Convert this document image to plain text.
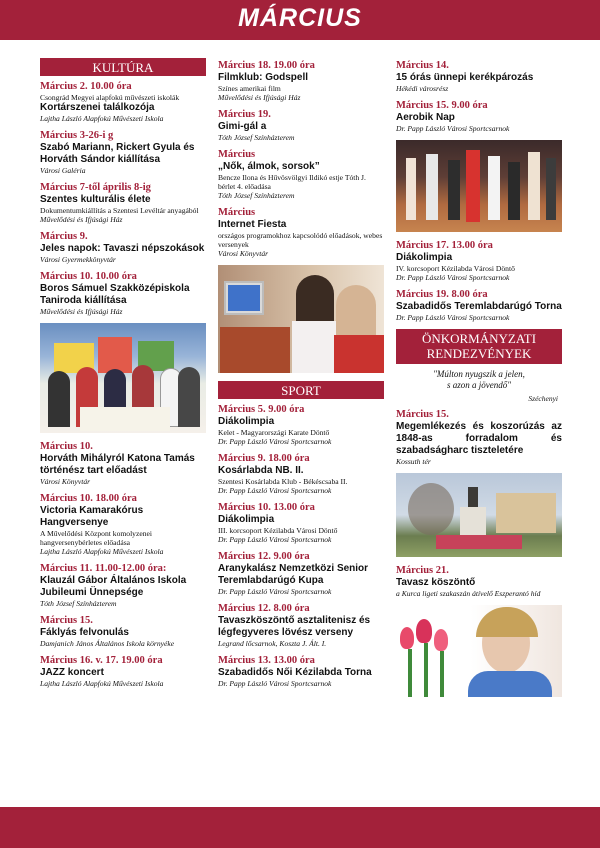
MÁRCIUS
KULTÚRA
Március 2. 10.00 óra
Csongrád Megyei alapfokú művészeti iskolák
Kortárszenei találkozója
Lajtha László Alapfokú Művészeti Iskola
Március 3-26-i g
Szabó Mariann, Rickert Gyula és Horváth Sándor kiállítása
Városi Galéria
Március 7-től április 8-ig
Szentes kulturális élete
Dokumentumkiállítás a Szentesi Levéltár anyagából
Művelődési és Ifjúsági Ház
Március 9.
Jeles napok: Tavaszi népszokások
Városi Gyermekkönyvtár
Március 10. 10.00 óra
Boros Sámuel Szakközépiskola Taniroda kiállítása
Művelődési és Ifjúsági Ház
Március 10.
Horváth Mihályról Katona Tamás történész tart előadást
Városi Könyvtár
Március 10. 18.00 óra
Victoria Kamarakórus Hangversenye
A Művelődési Központ komolyzenei hangversenybérletes előadása
Lajtha László Alapfokú Művészeti Iskola
Március 11. 11.00-12.00 óra:
Klauzál Gábor Általános Iskola Jubileumi Ünnepsége
Tóth József Színházterem
Március 15.
Fáklyás felvonulás
Damjanich János Általános Iskola környéke
Március 16. v. 17. 19.00 óra
JAZZ koncert
Lajtha László Alapfokú Művészeti Iskola
Március 18. 19.00 óra
Filmklub: Godspell
Színes amerikai film
Művelődési és Ifjúsági Ház
Március 19.
Gimi-gál a
Tóth József Színházterem
Március
„Nők, álmok, sorsok”
Bencze Ilona és Hűvösvölgyi Ildikó estje Tóth J. bérlet 4. előadása
Tóth József Színházterem
Március
Internet Fiesta
országos programokhoz kapcsolódó előadások, webes versenyek
Városi Könyvtár
SPORT
Március 5. 9.00 óra
Diákolimpia
Kelet - Magyarországi Karate Döntő
Dr. Papp László Városi Sportcsarnok
Március 9. 18.00 óra
Kosárlabda NB. II.
Szentesi Kosárlabda Klub - Békéscsaba II.
Dr. Papp László Városi Sportcsarnok
Március 10. 13.00 óra
Diákolimpia
III. korcsoport Kézilabda Városi Döntő
Dr. Papp László Városi Sportcsarnok
Március 12. 9.00 óra
Aranykalász Nemzetközi Senior Teremlabdarúgó Kupa
Dr. Papp László Városi Sportcsarnok
Március 12. 8.00 óra
Tavaszköszöntő asztalitenisz és légfegyveres lövész verseny
Legrand lőcsarnok, Koszta J. Ált. I.
Március 13. 13.00 óra
Szabadidős Női Kézilabda Torna
Dr. Papp László Városi Sportcsarnok
Március 14.
15 órás ünnepi kerékpározás
Hékédi városrész
Március 15. 9.00 óra
Aerobik Nap
Dr. Papp László Városi Sportcsarnok
Március 17. 13.00 óra
Diákolimpia
IV. korcsoport Kézilabda Városi Döntő
Dr. Papp László Városi Sportcsarnok
Március 19. 8.00 óra
Szabadidős Teremlabdarúgó Torna
Dr. Papp László Városi Sportcsarnok
ÖNKORMÁNYZATI
RENDEZVÉNYEK
"Múlton nyugszik a jelen,
s azon a jövendő"
Széchenyi
Március 15.
Megemlékezés és koszorúzás az 1848-as forradalom és szabadságharc tiszteletére
Kossuth tér
Március 21.
Tavasz köszöntő
a Kurca ligeti szakaszán átívelő Eszperantó híd
